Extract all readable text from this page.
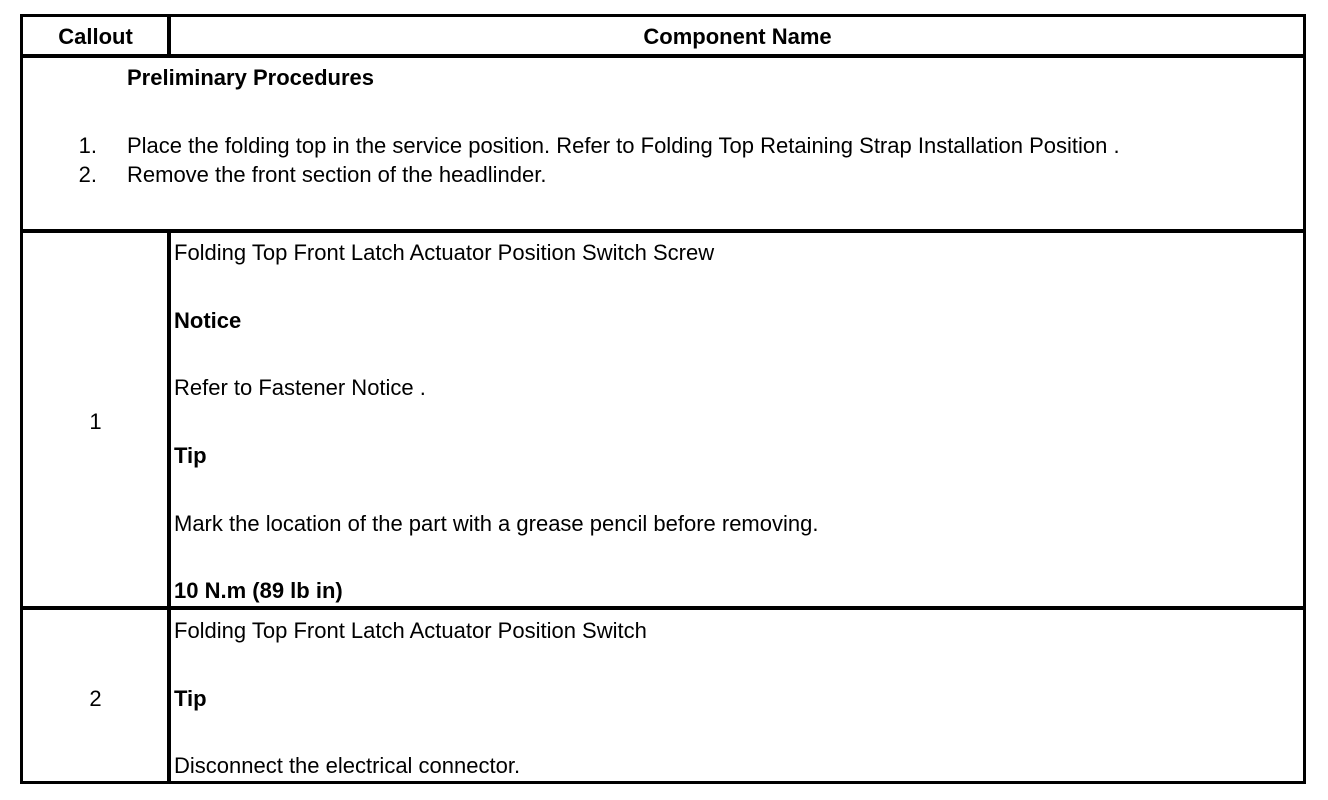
Callout	Component Name
Preliminary Procedures
1. Place the folding top in the service position. Refer to Folding Top Retaining Strap Installation Position .
2. Remove the front section of the headlinder.
1
Folding Top Front Latch Actuator Position Switch Screw
Notice
Refer to Fastener Notice .
Tip
Mark the location of the part with a grease pencil before removing.
10 N.m (89 lb in)
2
Folding Top Front Latch Actuator Position Switch
Tip
Disconnect the electrical connector.
